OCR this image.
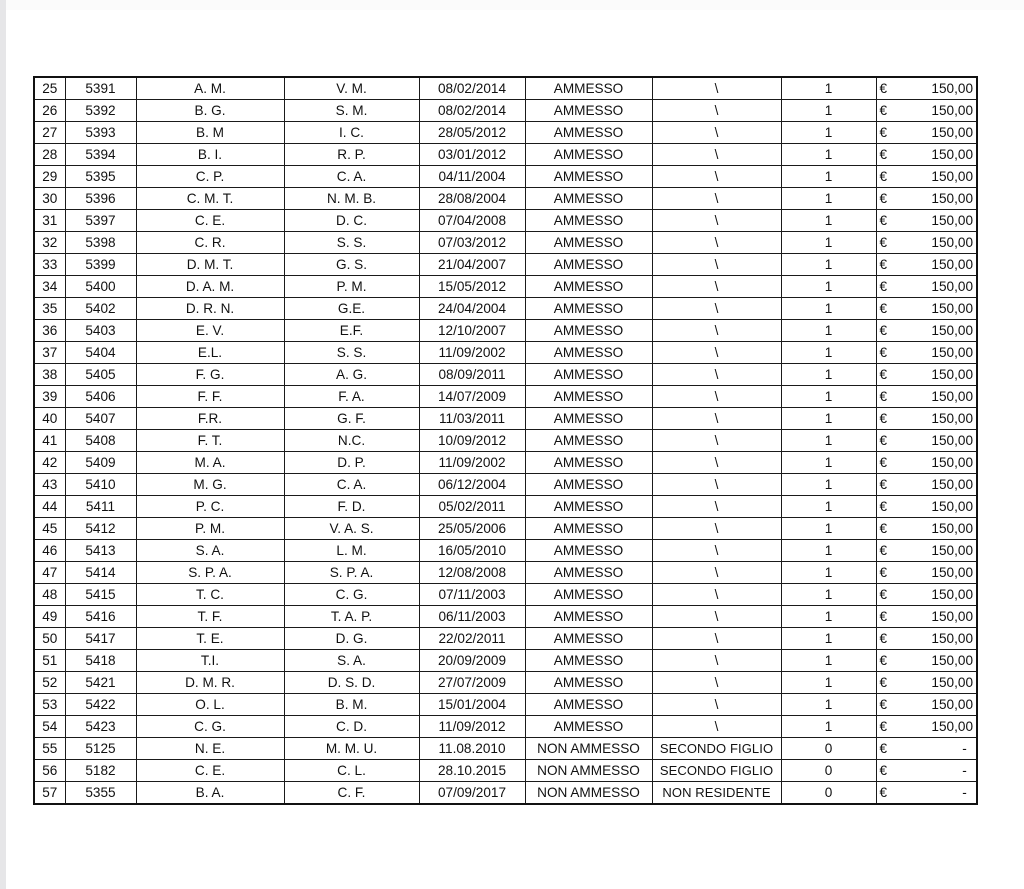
25	5391	A. M.	V. M.	08/02/2014	AMMESSO	\	1	€	150,00
26	5392	B. G.	S. M.	08/02/2014	AMMESSO	\	1	€	150,00
27	5393	B. M	I. C.	28/05/2012	AMMESSO	\	1	€	150,00
28	5394	B. I.	R. P.	03/01/2012	AMMESSO	\	1	€	150,00
29	5395	C. P.	C. A.	04/11/2004	AMMESSO	\	1	€	150,00
30	5396	C. M. T.	N. M. B.	28/08/2004	AMMESSO	\	1	€	150,00
31	5397	C. E.	D. C.	07/04/2008	AMMESSO	\	1	€	150,00
32	5398	C. R.	S. S.	07/03/2012	AMMESSO	\	1	€	150,00
33	5399	D. M. T.	G. S.	21/04/2007	AMMESSO	\	1	€	150,00
34	5400	D. A. M.	P. M.	15/05/2012	AMMESSO	\	1	€	150,00
35	5402	D. R. N.	G.E.	24/04/2004	AMMESSO	\	1	€	150,00
36	5403	E. V.	E.F.	12/10/2007	AMMESSO	\	1	€	150,00
37	5404	E.L.	S. S.	11/09/2002	AMMESSO	\	1	€	150,00
38	5405	F. G.	A. G.	08/09/2011	AMMESSO	\	1	€	150,00
39	5406	F. F.	F. A.	14/07/2009	AMMESSO	\	1	€	150,00
40	5407	F.R.	G. F.	11/03/2011	AMMESSO	\	1	€	150,00
41	5408	F. T.	N.C.	10/09/2012	AMMESSO	\	1	€	150,00
42	5409	M. A.	D. P.	11/09/2002	AMMESSO	\	1	€	150,00
43	5410	M. G.	C. A.	06/12/2004	AMMESSO	\	1	€	150,00
44	5411	P. C.	F. D.	05/02/2011	AMMESSO	\	1	€	150,00
45	5412	P. M.	V. A. S.	25/05/2006	AMMESSO	\	1	€	150,00
46	5413	S. A.	L. M.	16/05/2010	AMMESSO	\	1	€	150,00
47	5414	S. P. A.	S. P. A.	12/08/2008	AMMESSO	\	1	€	150,00
48	5415	T. C.	C. G.	07/11/2003	AMMESSO	\	1	€	150,00
49	5416	T. F.	T. A. P.	06/11/2003	AMMESSO	\	1	€	150,00
50	5417	T. E.	D. G.	22/02/2011	AMMESSO	\	1	€	150,00
51	5418	T.I.	S. A.	20/09/2009	AMMESSO	\	1	€	150,00
52	5421	D. M. R.	D. S. D.	27/07/2009	AMMESSO	\	1	€	150,00
53	5422	O. L.	B. M.	15/01/2004	AMMESSO	\	1	€	150,00
54	5423	C. G.	C. D.	11/09/2012	AMMESSO	\	1	€	150,00
55	5125	N. E.	M. M. U.	11.08.2010	NON AMMESSO	SECONDO FIGLIO	0	€	-
56	5182	C. E.	C. L.	28.10.2015	NON AMMESSO	SECONDO FIGLIO	0	€	-
57	5355	B. A.	C. F.	07/09/2017	NON AMMESSO	NON RESIDENTE	0	€	-
